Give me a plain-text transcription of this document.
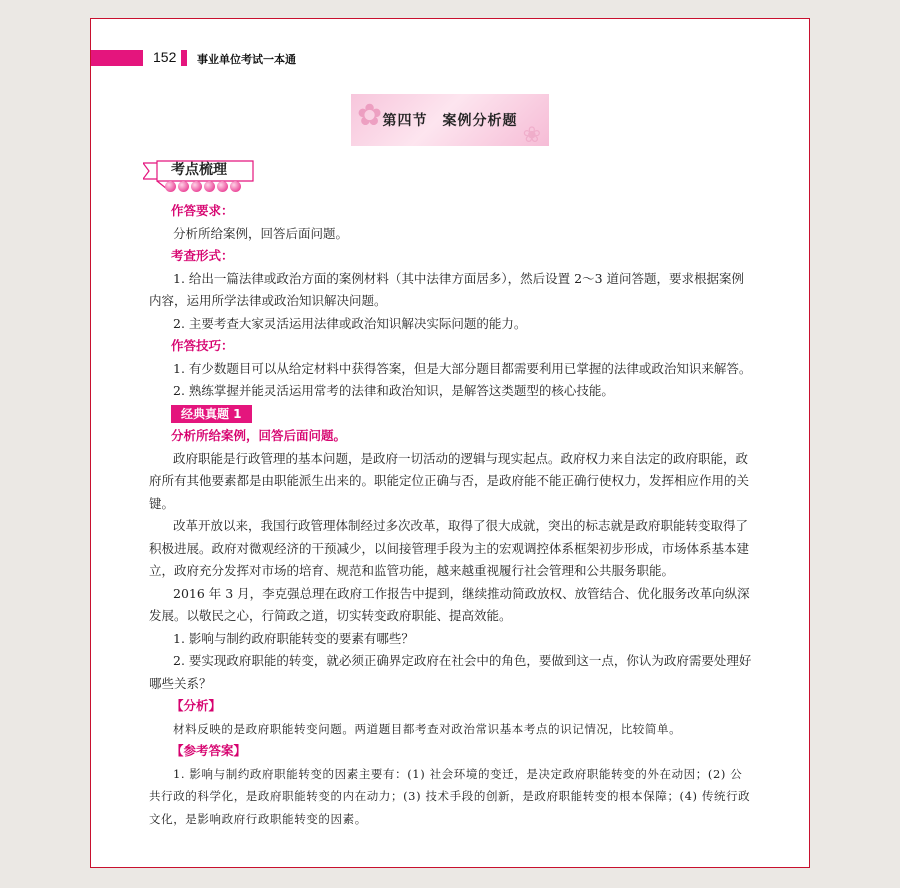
152 事业单位考试一本通
✿
❀
第四节　案例分析题
考点梳理

作答要求：

分析所给案例，回答后面问题。

考查形式：

1. 给出一篇法律或政治方面的案例材料（其中法律方面居多），然后设置 2～3 道问答题，要求根据案例内容，运用所学法律或政治知识解决问题。

2. 主要考查大家灵活运用法律或政治知识解决实际问题的能力。

作答技巧：

1. 有少数题目可以从给定材料中获得答案，但是大部分题目都需要利用已掌握的法律或政治知识来解答。

2. 熟练掌握并能灵活运用常考的法律和政治知识，是解答这类题型的核心技能。

经典真题 1

分析所给案例，回答后面问题。

政府职能是行政管理的基本问题，是政府一切活动的逻辑与现实起点。政府权力来自法定的政府职能，政府所有其他要素都是由职能派生出来的。职能定位正确与否，是政府能不能正确行使权力，发挥相应作用的关键。

改革开放以来，我国行政管理体制经过多次改革，取得了很大成就，突出的标志就是政府职能转变取得了积极进展。政府对微观经济的干预减少，以间接管理手段为主的宏观调控体系框架初步形成，市场体系基本建立，政府充分发挥对市场的培育、规范和监管功能，越来越重视履行社会管理和公共服务职能。

2016 年 3 月，李克强总理在政府工作报告中提到，继续推动简政放权、放管结合、优化服务改革向纵深发展。以敬民之心，行简政之道，切实转变政府职能、提高效能。

1. 影响与制约政府职能转变的要素有哪些？

2. 要实现政府职能的转变，就必须正确界定政府在社会中的角色，要做到这一点，你认为政府需要处理好哪些关系？

【分析】

材料反映的是政府职能转变问题。两道题目都考查对政治常识基本考点的识记情况，比较简单。

【参考答案】

1. 影响与制约政府职能转变的因素主要有：(1) 社会环境的变迁，是决定政府职能转变的外在动因；(2) 公共行政的科学化，是政府职能转变的内在动力；(3) 技术手段的创新，是政府职能转变的根本保障；(4) 传统行政文化，是影响政府行政职能转变的因素。
